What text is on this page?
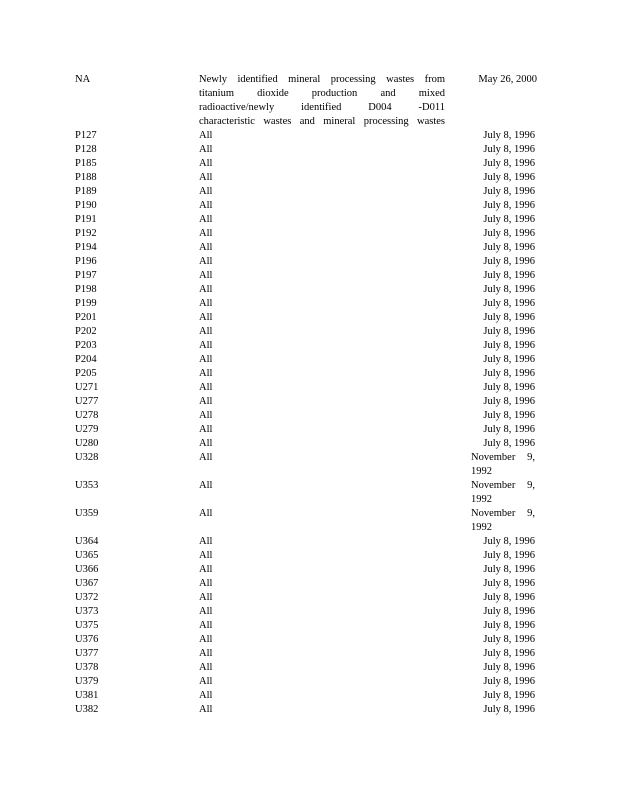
NA	Newly identified mineral processing wastes from
titanium dioxide production and mixed
radioactive/newly identified D004 -D011
characteristic wastes and mineral processing wastes
May 26, 2000
P127	All	July 8, 1996
P128	All	July 8, 1996
P185	All	July 8, 1996
P188	All	July 8, 1996
P189	All	July 8, 1996
P190	All	July 8, 1996
P191	All	July 8, 1996
P192	All	July 8, 1996
P194	All	July 8, 1996
P196	All	July 8, 1996
P197	All	July 8, 1996
P198	All	July 8, 1996
P199	All	July 8, 1996
P201	All	July 8, 1996
P202	All	July 8, 1996
P203	All	July 8, 1996
P204	All	July 8, 1996
P205	All	July 8, 1996
U271	All	July 8, 1996
U277	All	July 8, 1996
U278	All	July 8, 1996
U279	All	July 8, 1996
U280	All	July 8, 1996
U328	All	November 9,
1992
U353	All	November 9,
1992
U359	All	November 9,
1992
U364	All	July 8, 1996
U365	All	July 8, 1996
U366	All	July 8, 1996
U367	All	July 8, 1996
U372	All	July 8, 1996
U373	All	July 8, 1996
U375	All	July 8, 1996
U376	All	July 8, 1996
U377	All	July 8, 1996
U378	All	July 8, 1996
U379	All	July 8, 1996
U381	All	July 8, 1996
U382	All	July 8, 1996
